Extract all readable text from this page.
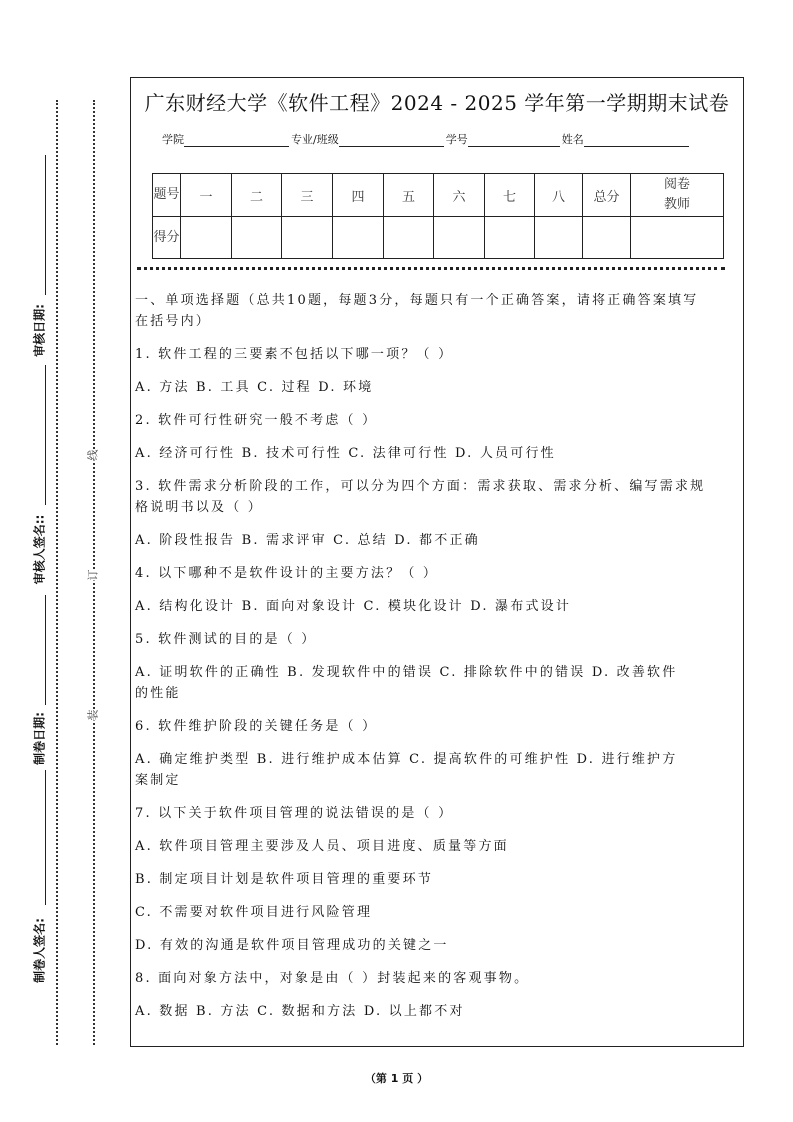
审核日期:
审核人签名::
制卷日期:
制卷人签名:
线
订
装
广东财经大学《软件工程》2024 - 2025 学年第一学期期末试卷
学院	专业/班级	学号	姓名
题号	一	二	三	四	五	六	七	八	总分	阅卷教师
得分										
一、单项选择题（总共10题，每题3分，每题只有一个正确答案，请将正确答案填写
在括号内）
1. 软件工程的三要素不包括以下哪一项？（ ）
A. 方法 B. 工具 C. 过程 D. 环境
2. 软件可行性研究一般不考虑（ ）
A. 经济可行性 B. 技术可行性 C. 法律可行性 D. 人员可行性
3. 软件需求分析阶段的工作，可以分为四个方面：需求获取、需求分析、编写需求规
格说明书以及（ ）
A. 阶段性报告 B. 需求评审 C. 总结 D. 都不正确
4. 以下哪种不是软件设计的主要方法？（ ）
A. 结构化设计 B. 面向对象设计 C. 模块化设计 D. 瀑布式设计
5. 软件测试的目的是（ ）
A. 证明软件的正确性 B. 发现软件中的错误 C. 排除软件中的错误 D. 改善软件
的性能
6. 软件维护阶段的关键任务是（ ）
A. 确定维护类型 B. 进行维护成本估算 C. 提高软件的可维护性 D. 进行维护方
案制定
7. 以下关于软件项目管理的说法错误的是（ ）
A. 软件项目管理主要涉及人员、项目进度、质量等方面
B. 制定项目计划是软件项目管理的重要环节
C. 不需要对软件项目进行风险管理
D. 有效的沟通是软件项目管理成功的关键之一
8. 面向对象方法中，对象是由（ ）封装起来的客观事物。
A. 数据 B. 方法 C. 数据和方法 D. 以上都不对
（第 1 页 ）
